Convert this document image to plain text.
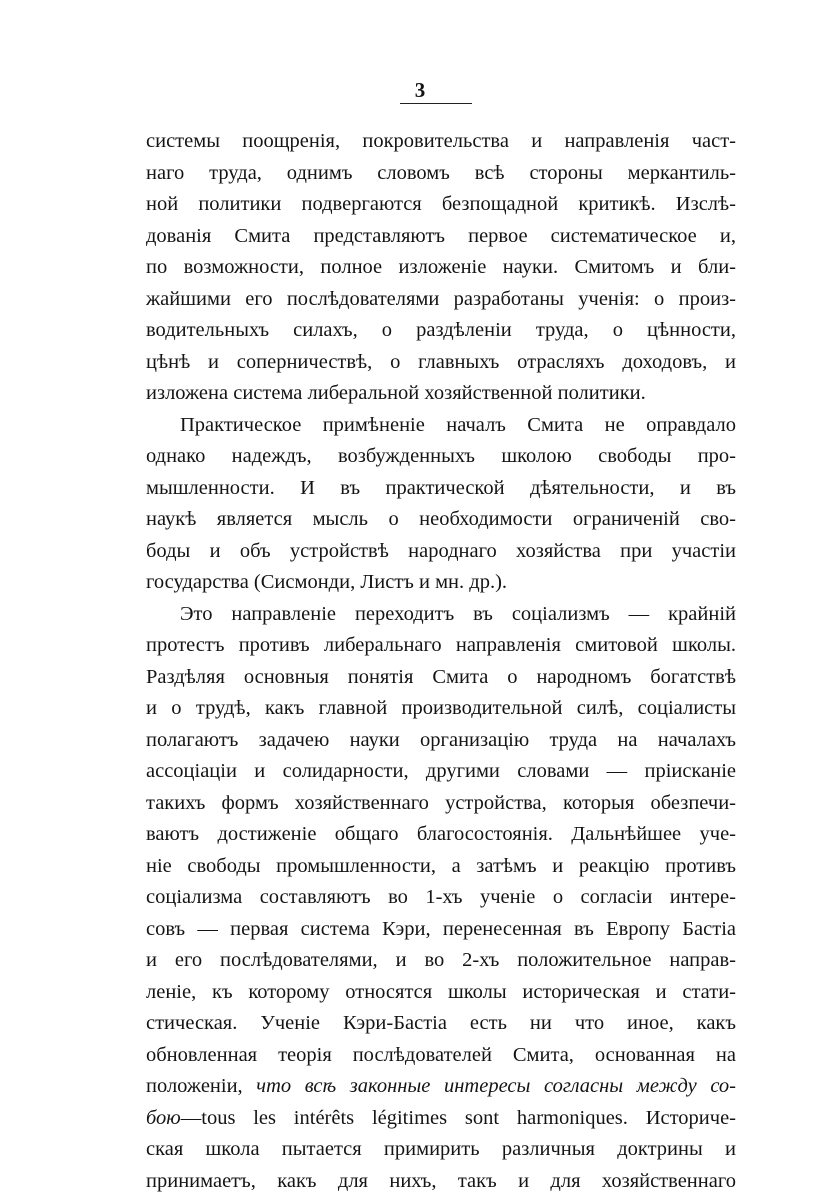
3
системы поощренія, покровительства и направленія част-
наго труда, однимъ словомъ всѣ стороны меркантиль-
ной политики подвергаются безпощадной критикѣ. Изслѣ-
дованія Смита представляютъ первое систематическое и,
по возможности, полное изложеніе науки. Смитомъ и бли-
жайшими его послѣдователями разработаны ученія: о произ-
водительныхъ силахъ, о раздѣленіи труда, о цѣнности,
цѣнѣ и соперничествѣ, о главныхъ отрасляхъ доходовъ, и
изложена система либеральной хозяйственной политики.
Практическое примѣненіе началъ Смита не оправдало
однако надеждъ, возбужденныхъ школою свободы про-
мышленности. И въ практической дѣятельности, и въ
наукѣ является мысль о необходимости ограниченій сво-
боды и объ устройствѣ народнаго хозяйства при участіи
государства (Сисмонди, Листъ и мн. др.).
Это направленіе переходитъ въ соціализмъ — крайній
протестъ противъ либеральнаго направленія смитовой школы.
Раздѣляя основныя понятія Смита о народномъ богатствѣ
и о трудѣ, какъ главной производительной силѣ, соціалисты
полагаютъ задачею науки организацію труда на началахъ
ассоціаціи и солидарности, другими словами — пріисканіе
такихъ формъ хозяйственнаго устройства, которыя обезпечи-
ваютъ достиженіе общаго благосостоянія. Дальнѣйшее уче-
ніе свободы промышленности, а затѣмъ и реакцію противъ
соціализма составляютъ во 1-хъ ученіе о согласіи интере-
совъ — первая система Кэри, перенесенная въ Европу Бастіа
и его послѣдователями, и во 2-хъ положительное направ-
леніе, къ которому относятся школы историческая и стати-
стическая. Ученіе Кэри-Бастіа есть ни что иное, какъ
обновленная теорія послѣдователей Смита, основанная на
положеніи, что всѣ законные интересы согласны между со-
бою—tous les intérêts légitimes sont harmoniques. Историче-
ская школа пытается примирить различныя доктрины и
принимаетъ, какъ для нихъ, такъ и для хозяйственнаго
